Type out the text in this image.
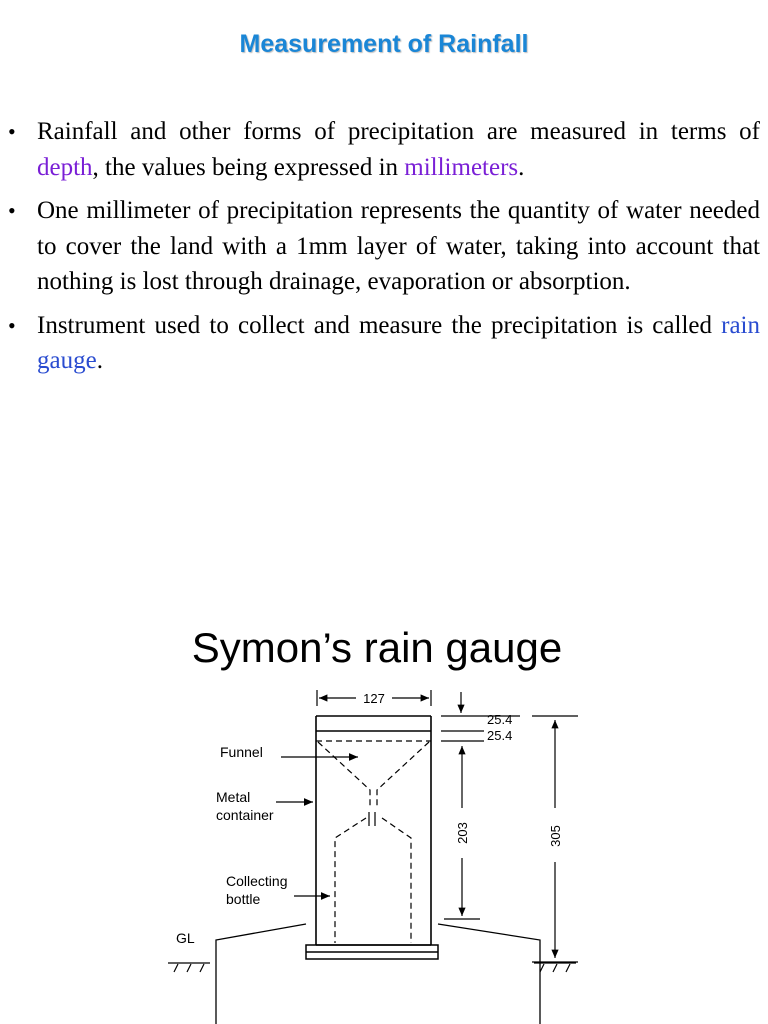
Measurement of Rainfall
• Rainfall and other forms of precipitation are measured in terms of depth, the values being expressed in millimeters.
• One millimeter of precipitation represents the quantity of water needed to cover the land with a 1mm layer of water, taking into account that nothing is lost through drainage, evaporation or absorption.
• Instrument used to collect and measure the precipitation is called rain gauge.
Symon’s rain gauge
127
25.4
25.4
203	305
Funnel
Metal
container
Collecting
bottle
GL
